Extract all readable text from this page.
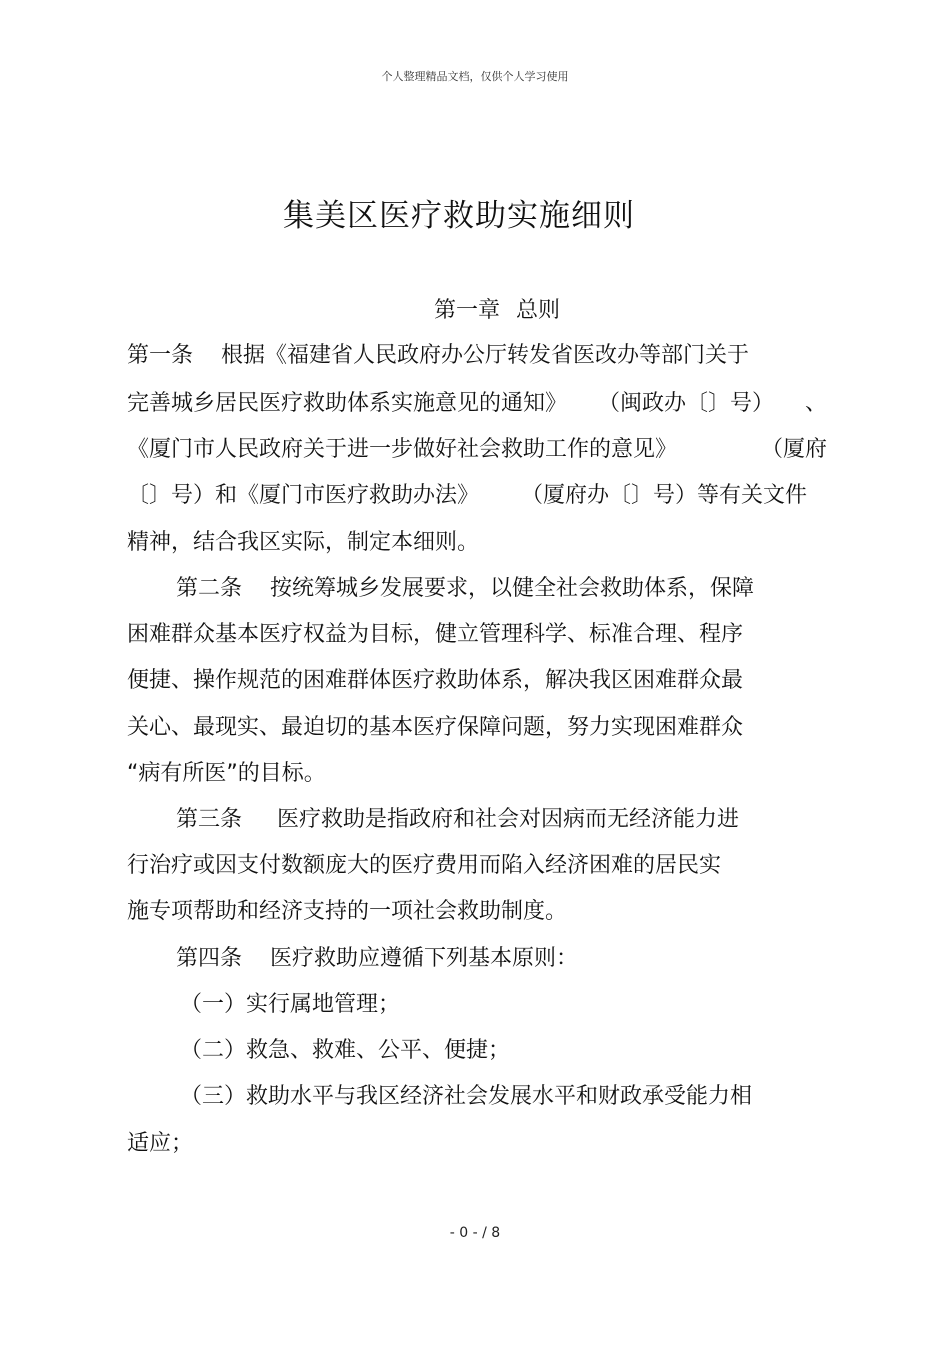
个人整理精品文档，仅供个人学习使用
集美区医疗救助实施细则
第一章 总则
第一条    根据《福建省人民政府办公厅转发省医改办等部门关于
完善城乡居民医疗救助体系实施意见的通知》 （闽政办〔〕号） 、
《厦门市人民政府关于进一步做好社会救助工作的意见》	（厦府
〔〕号）和《厦门市医疗救助办法》 （厦府办〔〕号）等有关文件
精神，结合我区实际，制定本细则。
第二条    按统筹城乡发展要求，以健全社会救助体系，保障
困难群众基本医疗权益为目标，健立管理科学、标准合理、程序
便捷、操作规范的困难群体医疗救助体系，解决我区困难群众最
关心、最现实、最迫切的基本医疗保障问题，努力实现困难群众
“病有所医”的目标。
第三条     医疗救助是指政府和社会对因病而无经济能力进
行治疗或因支付数额庞大的医疗费用而陷入经济困难的居民实
施专项帮助和经济支持的一项社会救助制度。
第四条    医疗救助应遵循下列基本原则：
（一）实行属地管理；
（二）救急、救难、公平、便捷；
（三）救助水平与我区经济社会发展水平和财政承受能力相
适应；
- 0 - / 8
